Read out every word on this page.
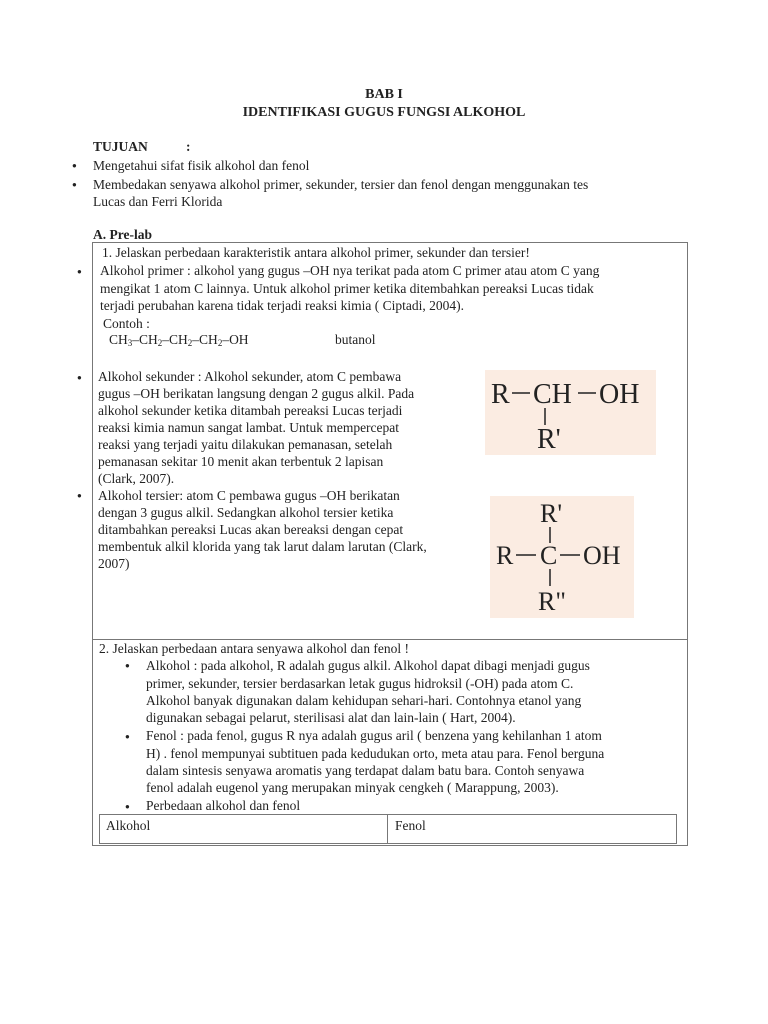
BAB I
IDENTIFIKASI GUGUS FUNGSI ALKOHOL
TUJUAN	:
● Mengetahui sifat fisik alkohol dan fenol
● Membedakan senyawa alkohol primer, sekunder, tersier dan fenol dengan menggunakan tes
Lucas dan Ferri Klorida
A. Pre-lab
1. Jelaskan perbedaan karakteristik antara alkohol primer, sekunder dan tersier!
● Alkohol primer : alkohol yang gugus –OH nya terikat pada atom C primer atau atom C yang
mengikat 1 atom C lainnya. Untuk alkohol primer ketika ditembahkan pereaksi Lucas tidak
terjadi perubahan karena tidak terjadi reaksi kimia ( Ciptadi, 2004).
Contoh :
$CH_3-CH_2-CH_2-CH_2-OH$	butanol
● Alkohol sekunder : Alkohol sekunder, atom C pembawa
gugus –OH berikatan langsung dengan 2 gugus alkil. Pada
alkohol sekunder ketika ditambah pereaksi Lucas terjadi
reaksi kimia namun sangat lambat. Untuk mempercepat
reaksi yang terjadi yaitu dilakukan pemanasan, setelah
pemanasan sekitar 10 menit akan terbentuk 2 lapisan
(Clark, 2007).
R CH OH
R'
● Alkohol tersier: atom C pembawa gugus –OH berikatan
dengan 3 gugus alkil. Sedangkan alkohol tersier ketika
ditambahkan pereaksi Lucas akan bereaksi dengan cepat
membentuk alkil klorida yang tak larut dalam larutan (Clark,
2007)
R'
R C OH
R"
2. Jelaskan perbedaan antara senyawa alkohol dan fenol !
● Alkohol : pada alkohol, R adalah gugus alkil. Alkohol dapat dibagi menjadi gugus
primer, sekunder, tersier berdasarkan letak gugus hidroksil (-OH) pada atom C.
Alkohol banyak digunakan dalam kehidupan sehari-hari. Contohnya etanol yang
digunakan sebagai pelarut, sterilisasi alat dan lain-lain ( Hart, 2004).
● Fenol : pada fenol, gugus R nya adalah gugus aril ( benzena yang kehilanhan 1 atom
H) . fenol mempunyai subtituen pada kedudukan orto, meta atau para. Fenol berguna
dalam sintesis senyawa aromatis yang terdapat dalam batu bara. Contoh senyawa
fenol adalah eugenol yang merupakan minyak cengkeh ( Marappung, 2003).
● Perbedaan alkohol dan fenol
Alkohol	Fenol
